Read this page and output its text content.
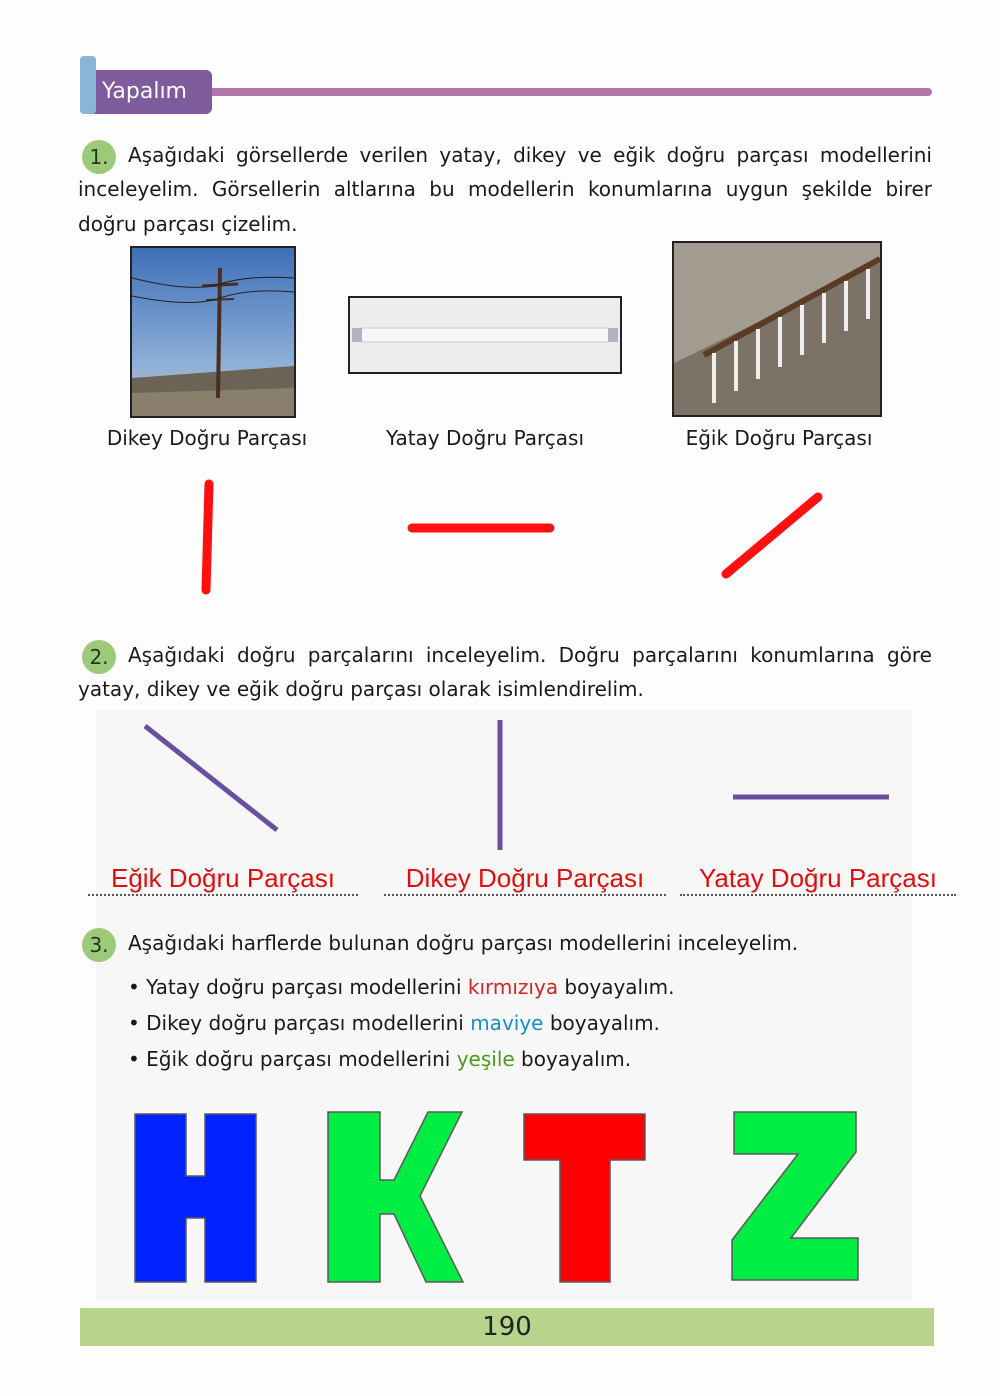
Yapalım
1. Aşağıdaki görsellerde verilen yatay, dikey ve eğik doğru parçası modellerini
inceleyelim. Görsellerin altlarına bu modellerin konumlarına uygun şekilde birer
doğru parçası çizelim.
Dikey Doğru Parçası	Yatay Doğru Parçası	Eğik Doğru Parçası
2. Aşağıdaki doğru parçalarını inceleyelim. Doğru parçalarını konumlarına göre
yatay, dikey ve eğik doğru parçası olarak isimlendirelim.
Eğik Doğru Parçası	Dikey Doğru Parçası	Yatay Doğru Parçası
3. Aşağıdaki harflerde bulunan doğru parçası modellerini inceleyelim.
• Yatay doğru parçası modellerini kırmızıya boyayalım.
• Dikey doğru parçası modellerini maviye boyayalım.
• Eğik doğru parçası modellerini yeşile boyayalım.
190
